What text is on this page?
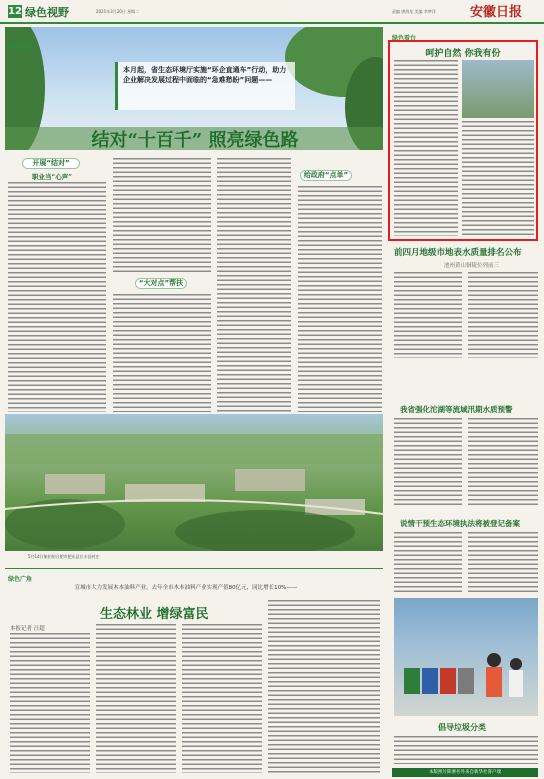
12 绿色视野	2021年3月20日 星期二	责编 唐海龙 美编 李梦洋	安徽日报
绿色聚焦
本月起，省生态环境厅实施“环企直通车”行动，助力企业解决发展过程中面临的“急难愁盼”问题——
结对“十百千” 照亮绿色路
开展“结对”
职业当“心声”
“大对点”帮扶
给政府“点单”
5月14日航拍的合肥市肥东县长丰县村庄
绿色看台
呵护自然 你我有份
前四月地级市地表水质量排名公布
池州黄山铜陵位列前三
我省强化沱湖等流域汛期水质预警
说情干预生态环境执法将被登记备案
倡导垃圾分类
本版照片除署名外来自新华社客户端
绿色广角
宣城市大力发展木本油料产业，去年全市木本油料产业实现产值80亿元，同比增长10%——
生态林业 增绿富民
本报记者 汪超
